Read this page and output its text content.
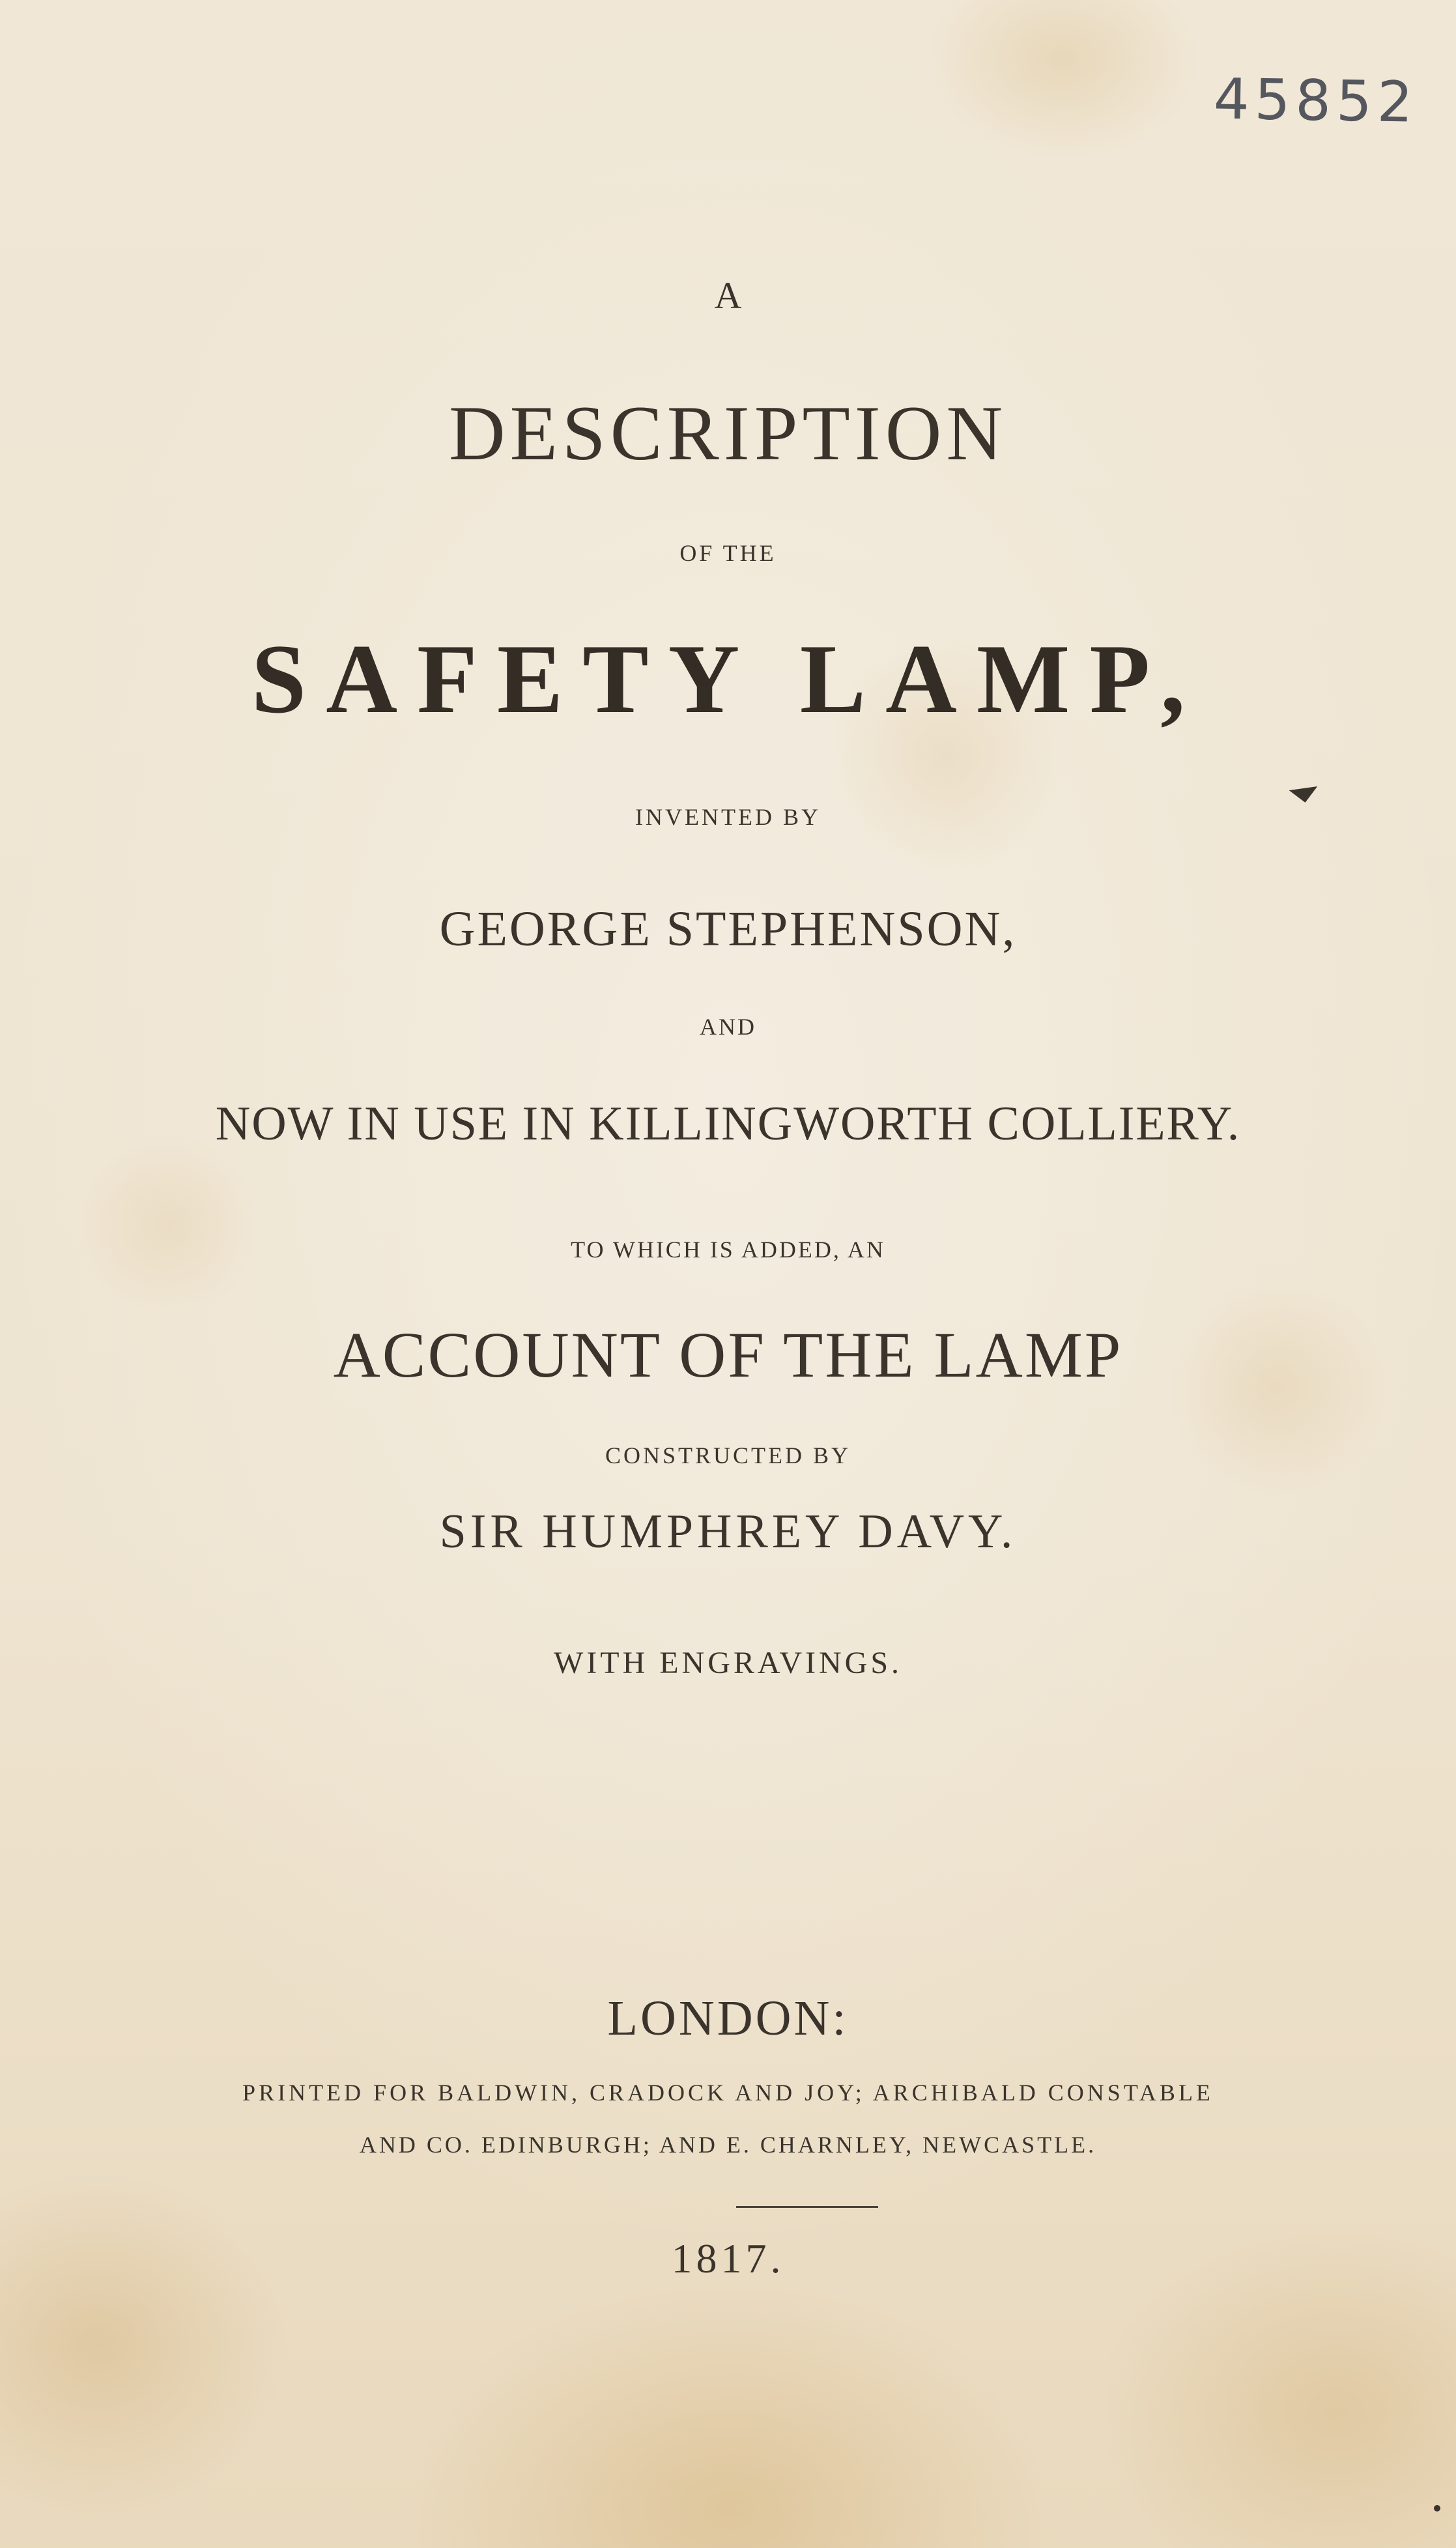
45852
A
DESCRIPTION
OF THE
SAFETY LAMP,
INVENTED BY
GEORGE STEPHENSON,
AND
NOW IN USE IN KILLINGWORTH COLLIERY.
TO WHICH IS ADDED, AN
ACCOUNT OF THE LAMP
CONSTRUCTED BY
SIR HUMPHREY DAVY.
WITH ENGRAVINGS.
LONDON:
PRINTED FOR BALDWIN, CRADOCK AND JOY; ARCHIBALD CONSTABLE
AND CO. EDINBURGH; AND E. CHARNLEY, NEWCASTLE.
1817.
